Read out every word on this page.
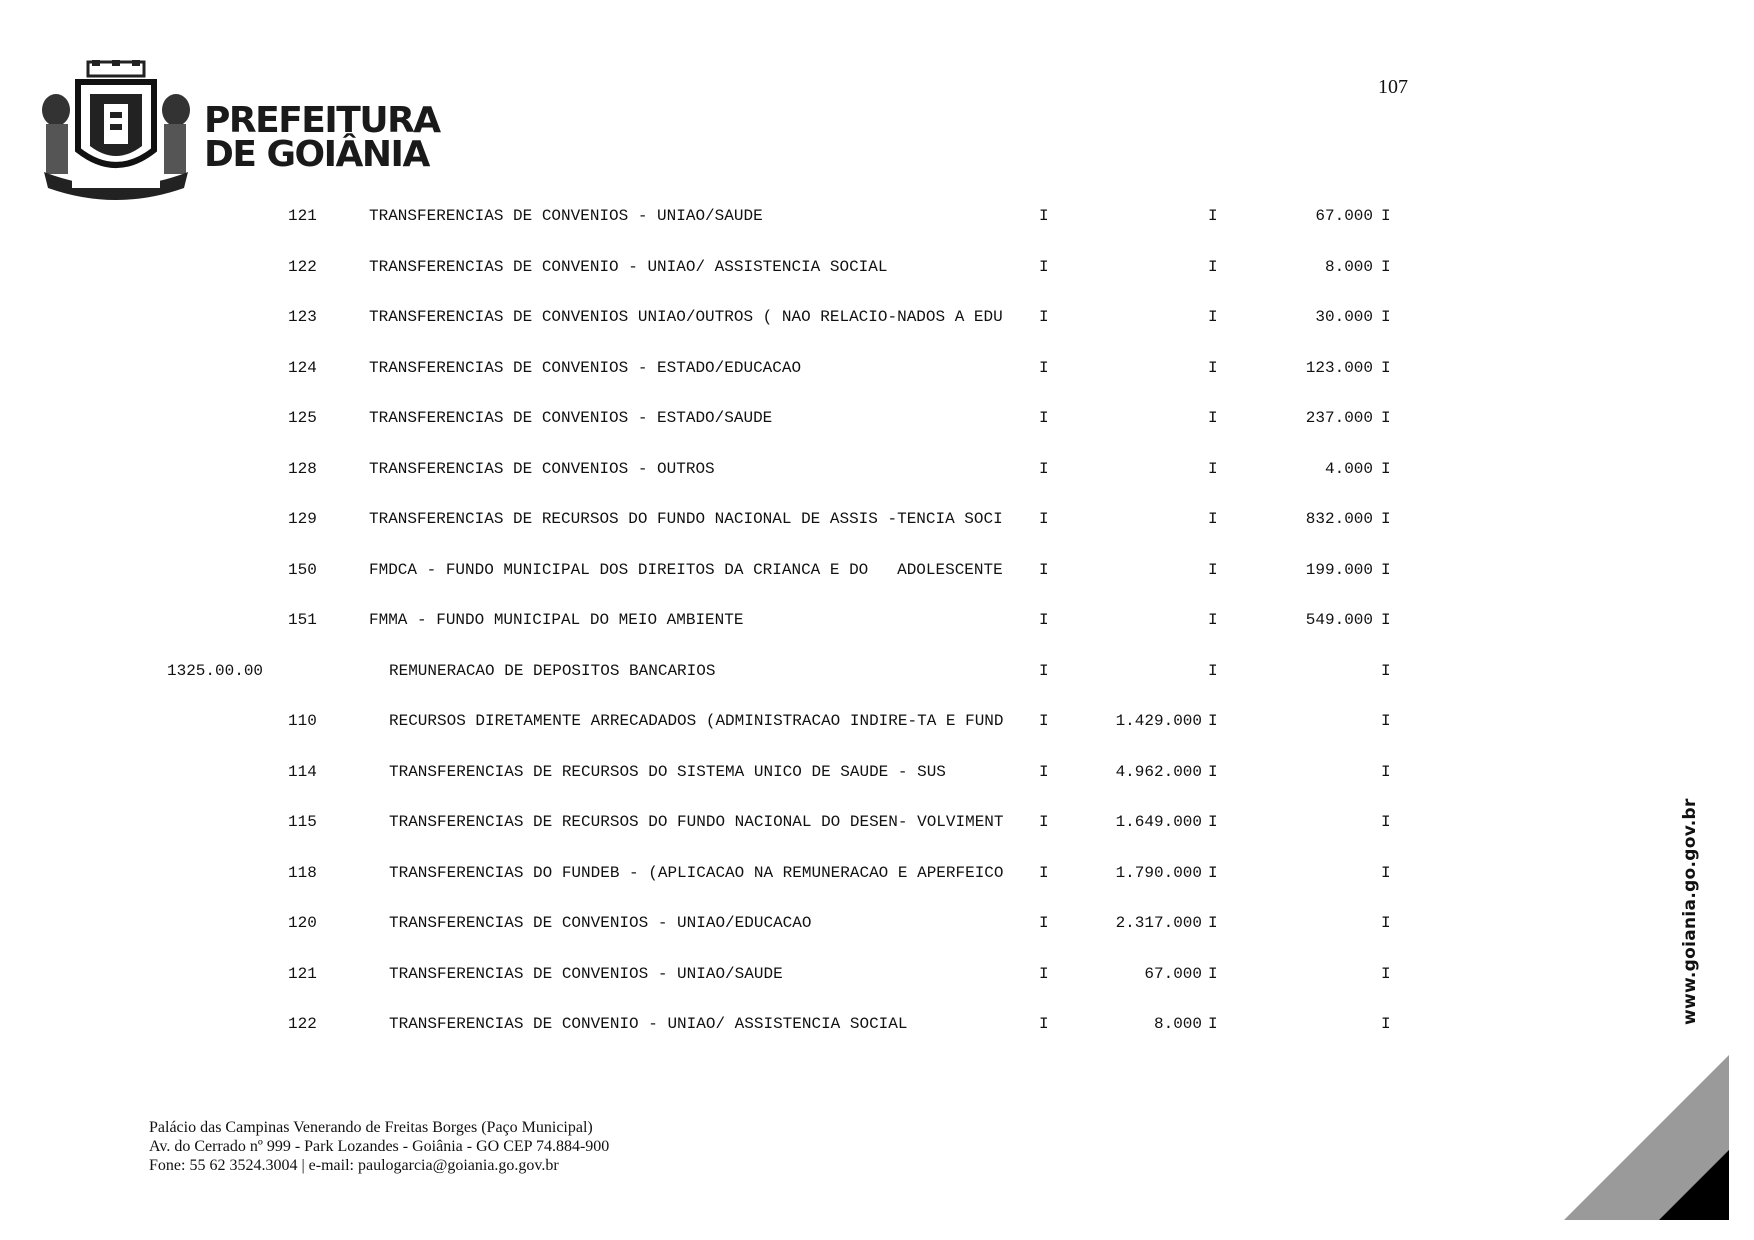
PREFEITURA
DE GOIÂNIA
107
121	TRANSFERENCIAS DE CONVENIOS - UNIAO/SAUDE	I	I	67.000 I
122	TRANSFERENCIAS DE CONVENIO - UNIAO/ ASSISTENCIA SOCIAL	I	I	8.000 I
123	TRANSFERENCIAS DE CONVENIOS UNIAO/OUTROS ( NAO RELACIO-NADOS A EDU I	I	30.000 I
124	TRANSFERENCIAS DE CONVENIOS - ESTADO/EDUCACAO	I	I	123.000 I
125	TRANSFERENCIAS DE CONVENIOS - ESTADO/SAUDE	I	I	237.000 I
128	TRANSFERENCIAS DE CONVENIOS - OUTROS	I	I	4.000 I
129	TRANSFERENCIAS DE RECURSOS DO FUNDO NACIONAL DE ASSIS -TENCIA SOCI I	I	832.000 I
150	FMDCA - FUNDO MUNICIPAL DOS DIREITOS DA CRIANCA E DO   ADOLESCENTE I	I	199.000 I
151	FMMA - FUNDO MUNICIPAL DO MEIO AMBIENTE	I	I	549.000 I
1325.00.00	REMUNERACAO DE DEPOSITOS BANCARIOS	I	I	I
110	RECURSOS DIRETAMENTE ARRECADADOS (ADMINISTRACAO INDIRE-TA E FUND I	1.429.000 I	I
114	TRANSFERENCIAS DE RECURSOS DO SISTEMA UNICO DE SAUDE - SUS	I	4.962.000 I	I
115	TRANSFERENCIAS DE RECURSOS DO FUNDO NACIONAL DO DESEN- VOLVIMENT I	1.649.000 I	I
118	TRANSFERENCIAS DO FUNDEB - (APLICACAO NA REMUNERACAO E APERFEICO I	1.790.000 I	I
120	TRANSFERENCIAS DE CONVENIOS - UNIAO/EDUCACAO	I	2.317.000 I	I
121	TRANSFERENCIAS DE CONVENIOS - UNIAO/SAUDE	I	67.000 I	I
122	TRANSFERENCIAS DE CONVENIO - UNIAO/ ASSISTENCIA SOCIAL	I	8.000 I	I
Palácio das Campinas Venerando de Freitas Borges (Paço Municipal)
Av. do Cerrado nº 999 - Park Lozandes - Goiânia - GO CEP 74.884-900
Fone: 55 62 3524.3004 | e-mail: paulogarcia@goiania.go.gov.br
www.goiania.go.gov.br
